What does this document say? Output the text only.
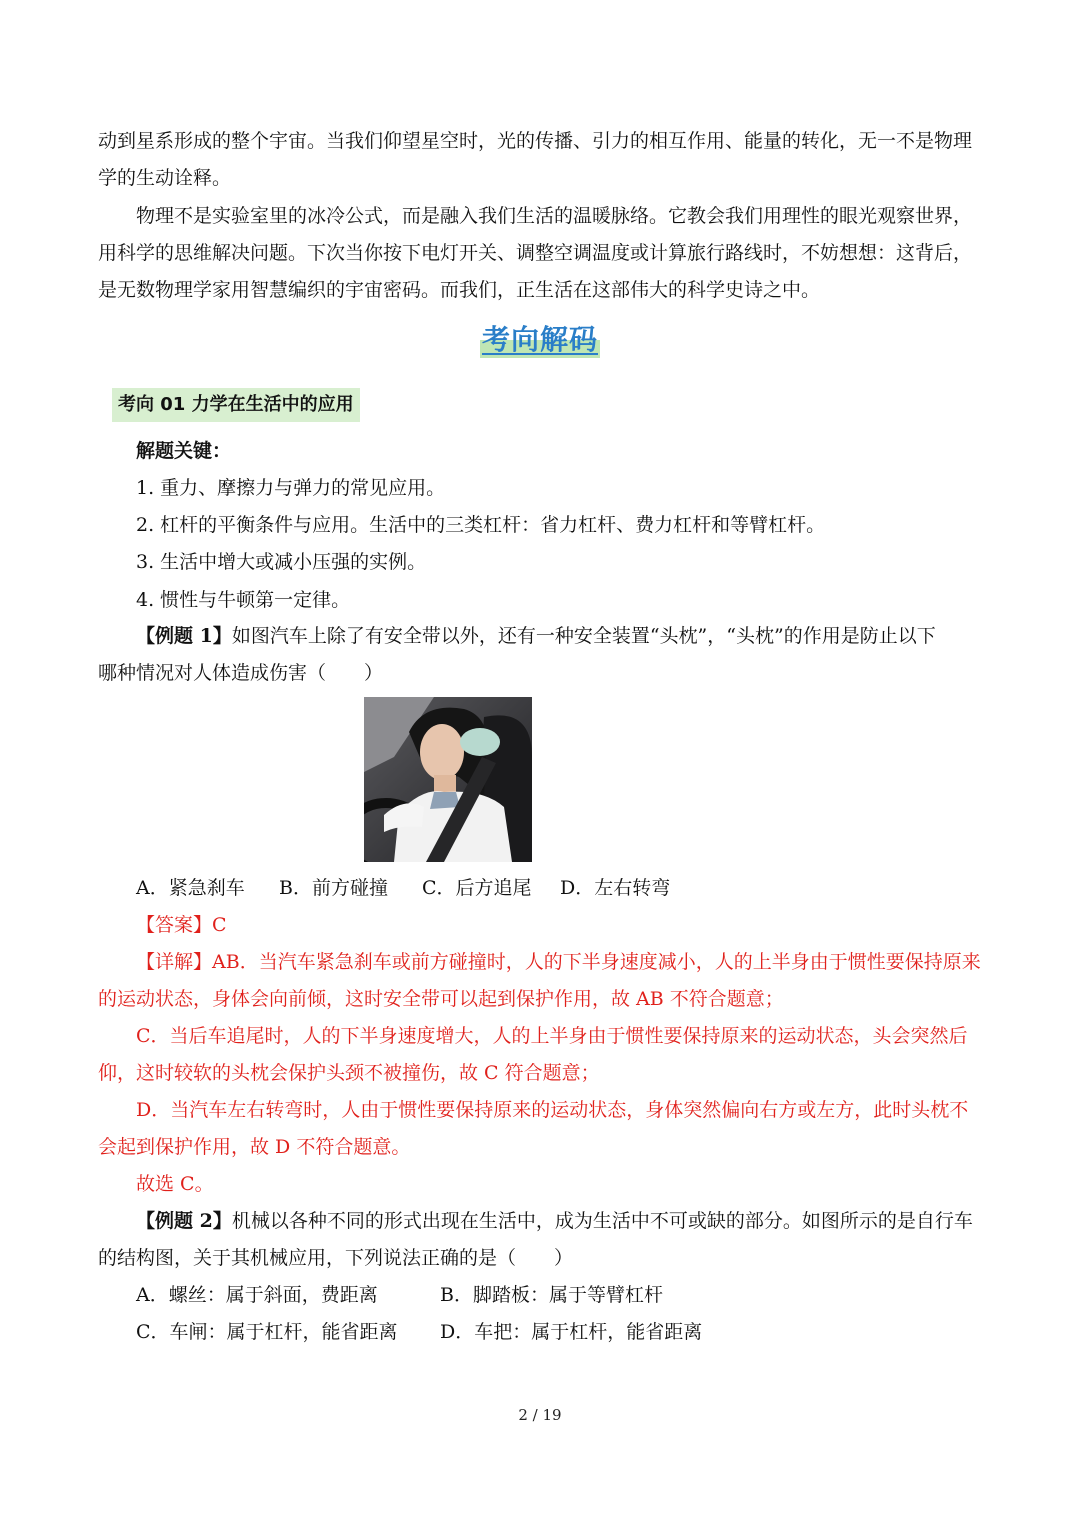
动到星系形成的整个宇宙。当我们仰望星空时，光的传播、引力的相互作用、能量的转化，无一不是物理
学的生动诠释。
物理不是实验室里的冰冷公式，而是融入我们生活的温暖脉络。它教会我们用理性的眼光观察世界，
用科学的思维解决问题。下次当你按下电灯开关、调整空调温度或计算旅行路线时，不妨想想：这背后，
是无数物理学家用智慧编织的宇宙密码。而我们，正生活在这部伟大的科学史诗之中。
考向解码
考向 01 力学在生活中的应用
解题关键：
1. 重力、摩擦力与弹力的常见应用。
2. 杠杆的平衡条件与应用。生活中的三类杠杆：省力杠杆、费力杠杆和等臂杠杆。
3. 生活中增大或减小压强的实例。
4. 惯性与牛顿第一定律。
【例题 1】如图汽车上除了有安全带以外，还有一种安全装置“头枕”，“头枕”的作用是防止以下
哪种情况对人体造成伤害（　　）
A．紧急刹车 B．前方碰撞 C．后方追尾 D．左右转弯
【答案】C
【详解】AB．当汽车紧急刹车或前方碰撞时，人的下半身速度减小，人的上半身由于惯性要保持原来
的运动状态，身体会向前倾，这时安全带可以起到保护作用，故 AB 不符合题意；
C．当后车追尾时，人的下半身速度增大，人的上半身由于惯性要保持原来的运动状态，头会突然后
仰，这时较软的头枕会保护头颈不被撞伤，故 C 符合题意；
D．当汽车左右转弯时，人由于惯性要保持原来的运动状态，身体突然偏向右方或左方，此时头枕不
会起到保护作用，故 D 不符合题意。
故选 C。
【例题 2】机械以各种不同的形式出现在生活中，成为生活中不可或缺的部分。如图所示的是自行车
的结构图，关于其机械应用，下列说法正确的是（　　）
A．螺丝：属于斜面，费距离	B．脚踏板：属于等臂杠杆
C．车闸：属于杠杆，能省距离 D．车把：属于杠杆，能省距离
2 / 19
